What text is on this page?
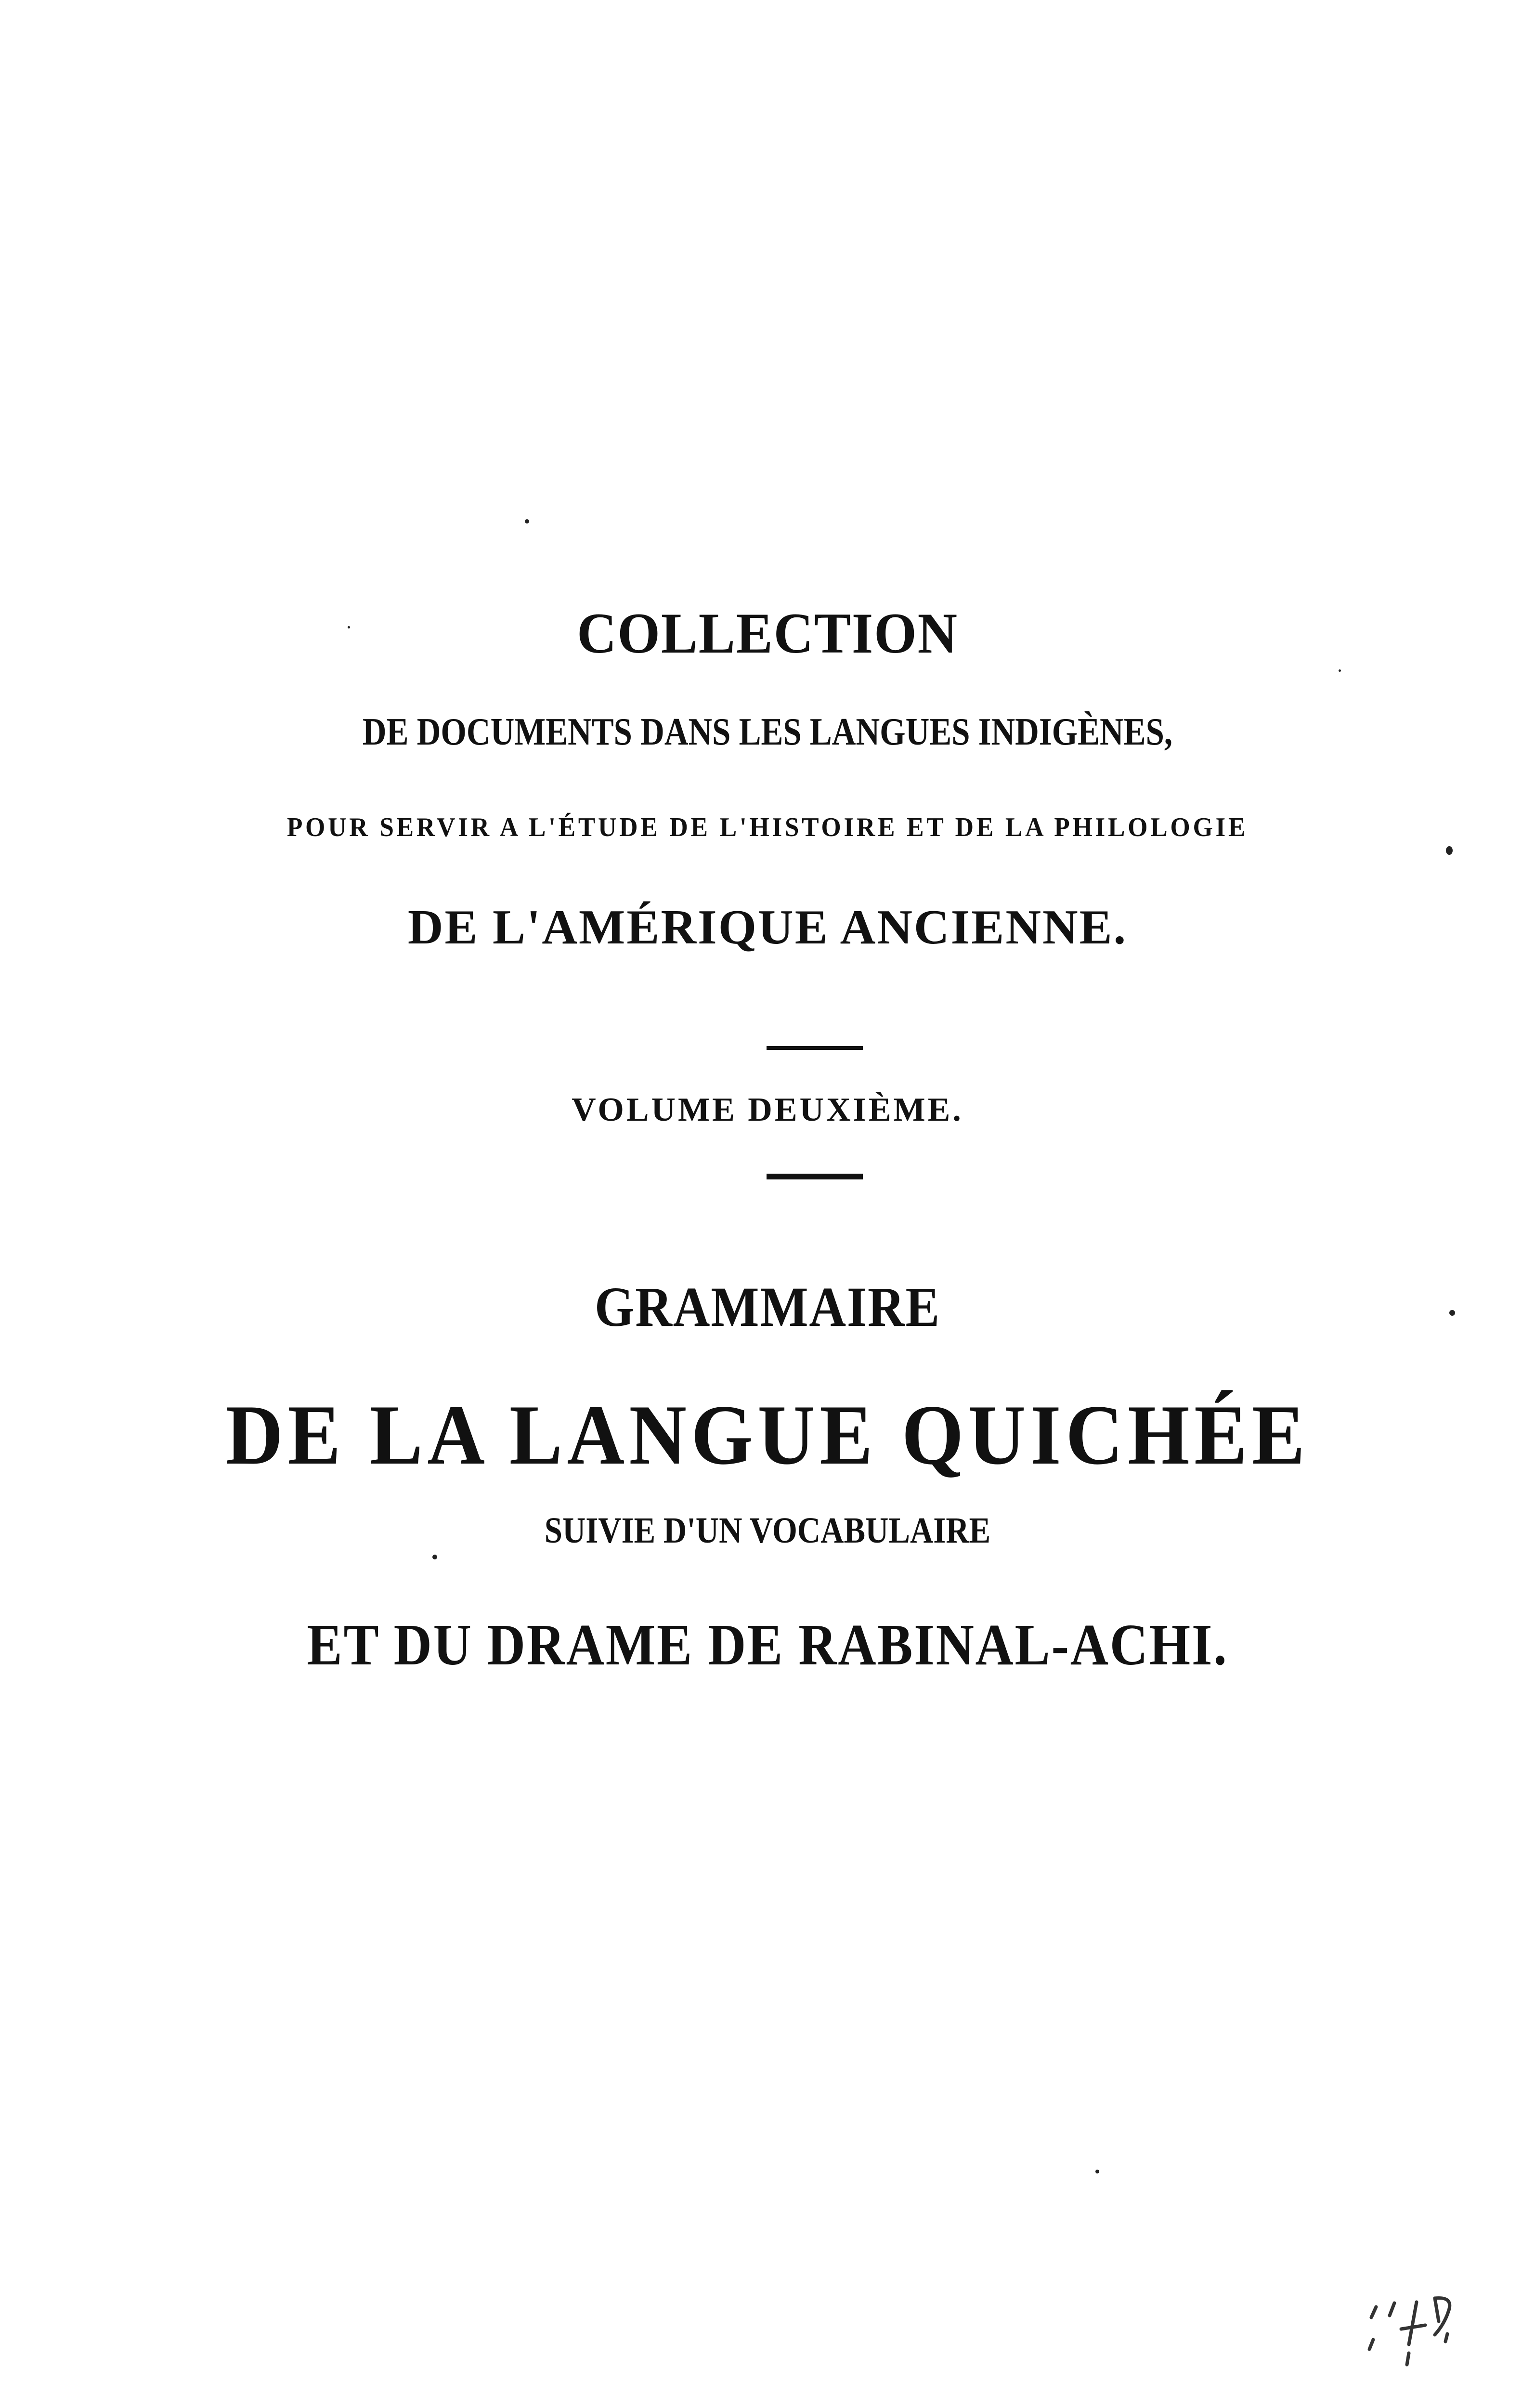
COLLECTION
DE DOCUMENTS DANS LES LANGUES INDIGÈNES,
POUR SERVIR A L'ÉTUDE DE L'HISTOIRE ET DE LA PHILOLOGIE
DE L'AMÉRIQUE ANCIENNE.
VOLUME DEUXIÈME.
GRAMMAIRE
DE LA LANGUE QUICHÉE
SUIVIE D'UN VOCABULAIRE
ET DU DRAME DE RABINAL-ACHI.
